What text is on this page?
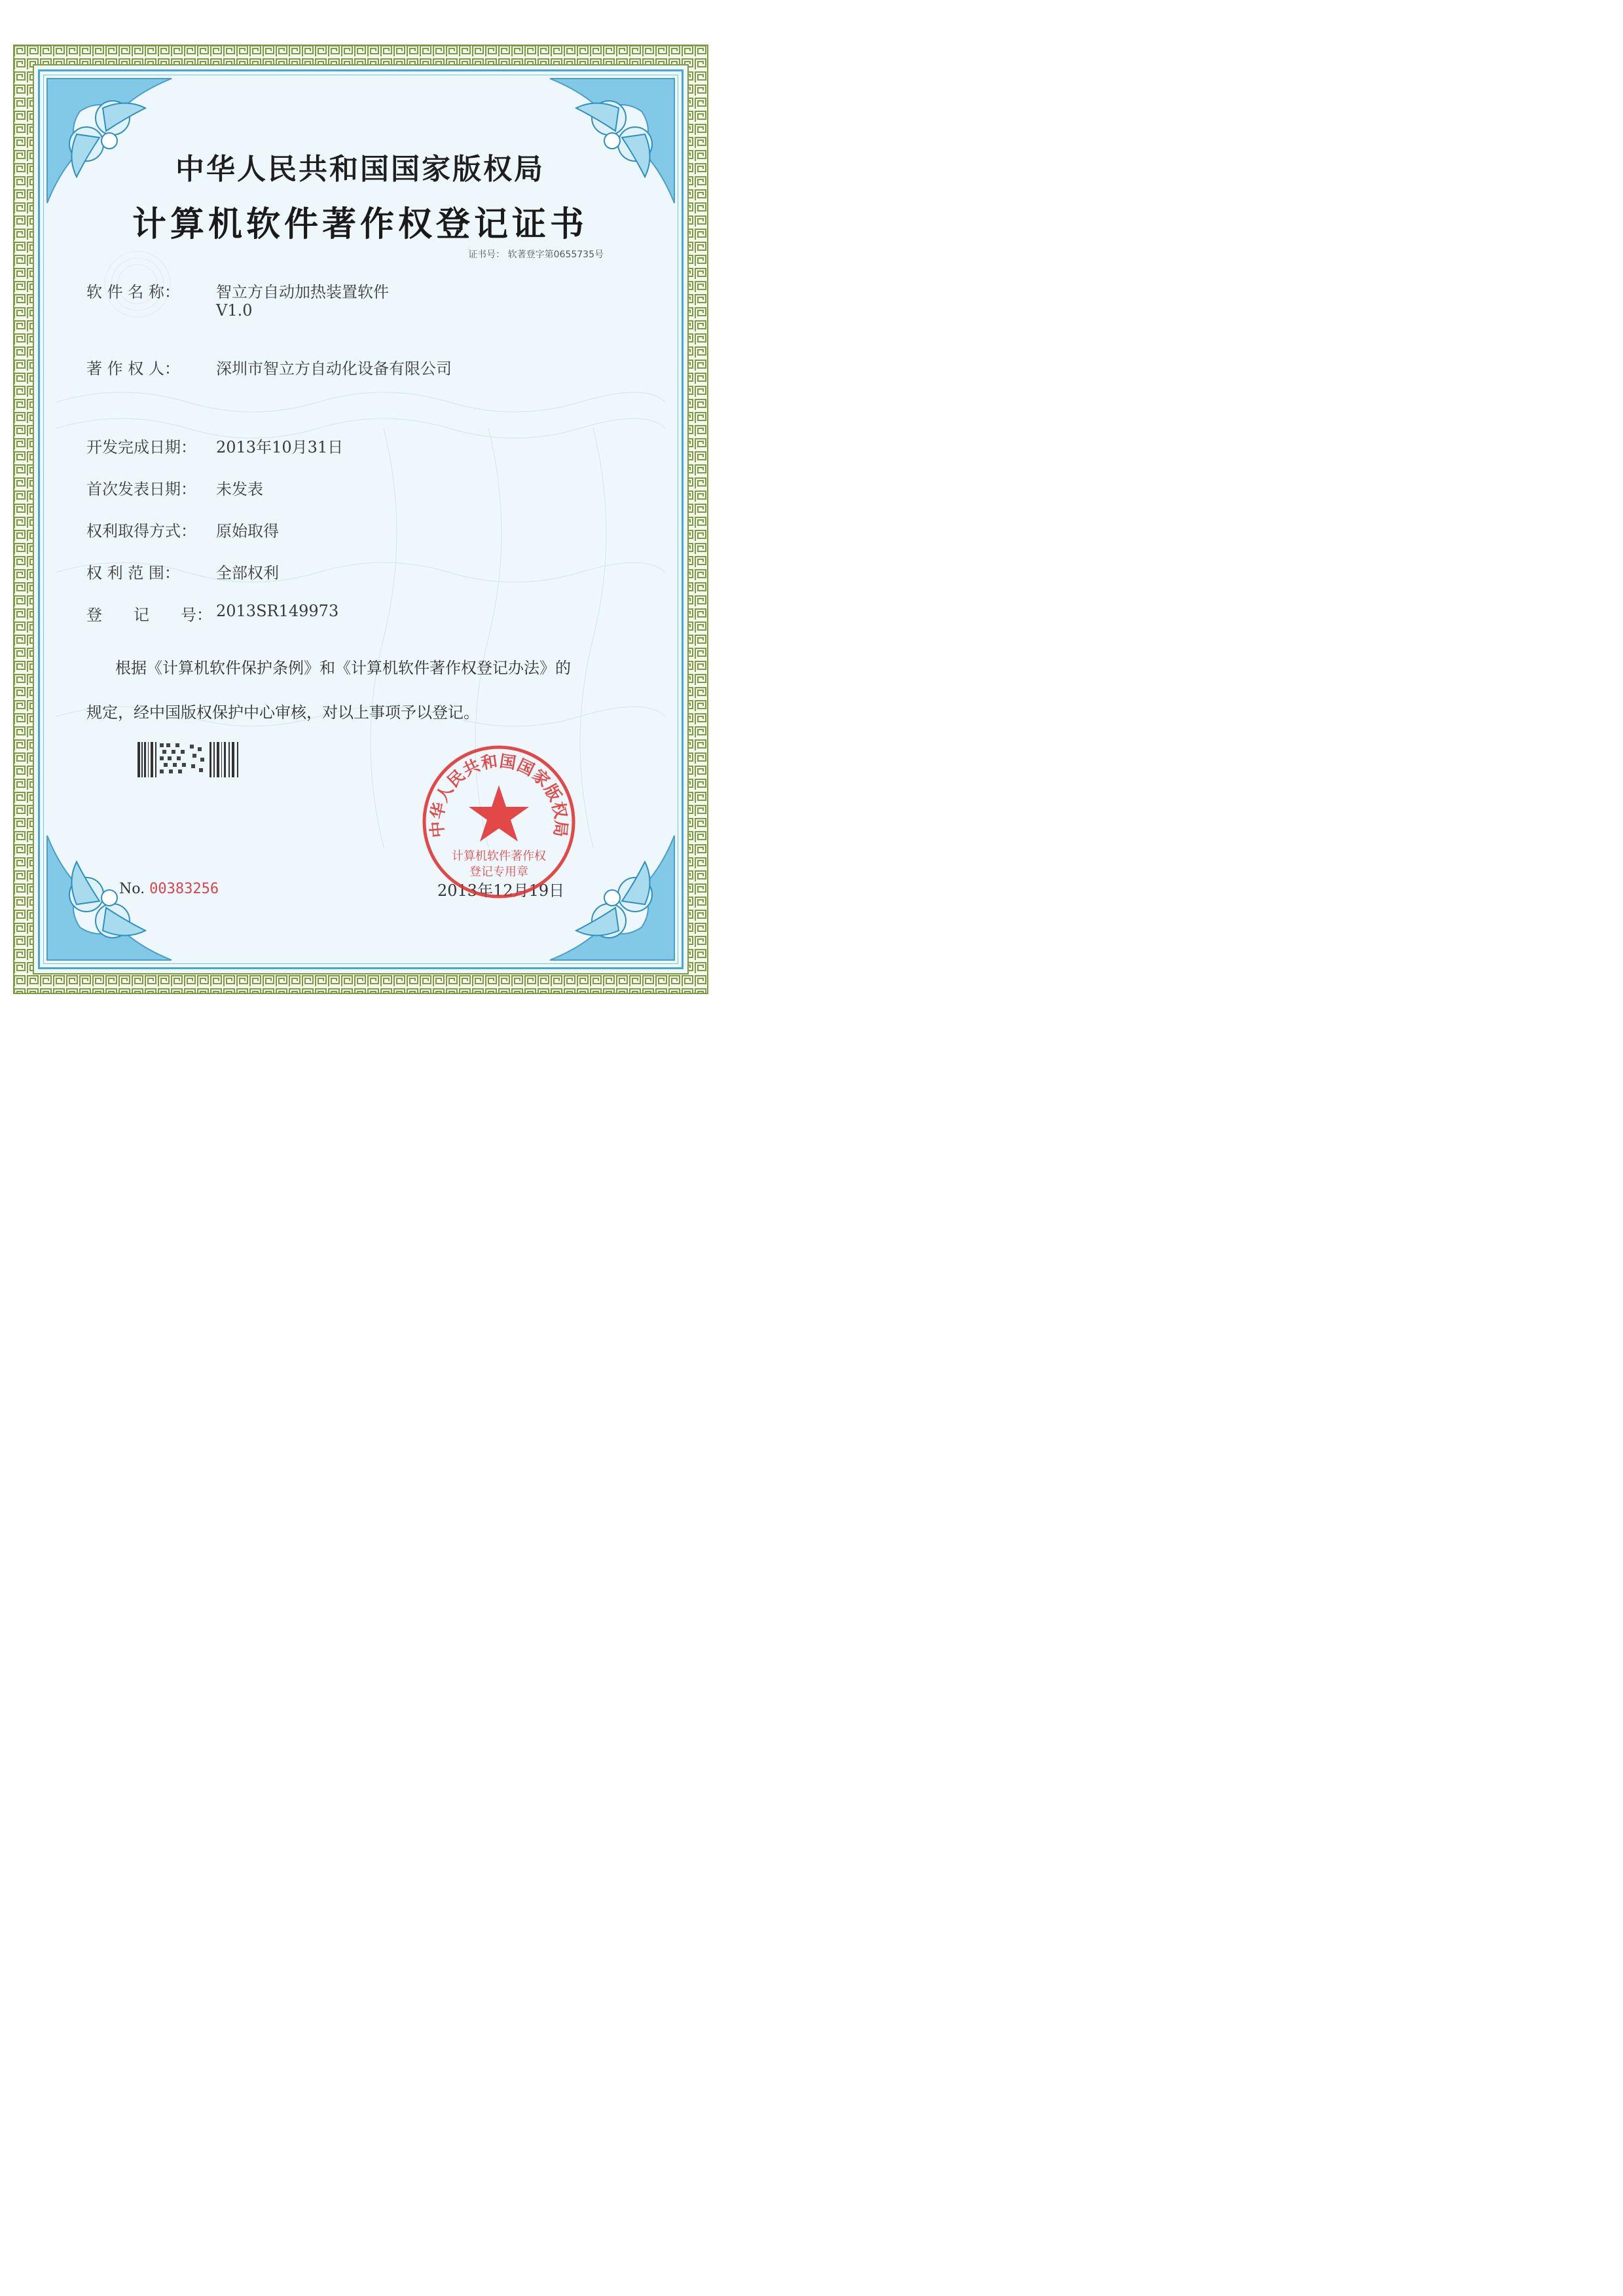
中华人民共和国国家版权局
计算机软件著作权登记证书
证书号： 软著登字第0655735号
软 件 名 称： 智立方自动加热装置软件
V1.0
著 作 权 人： 深圳市智立方自动化设备有限公司
开发完成日期： 2013年10月31日
首次发表日期： 未发表
权利取得方式： 原始取得
权 利 范 围： 全部权利
登　　记　　号： 2013SR149973
根据《计算机软件保护条例》和《计算机软件著作权登记办法》的
规定，经中国版权保护中心审核，对以上事项予以登记。
No. 00383256	2013年12月19日
中华人民共和国国家版权局
计算机软件著作权
登记专用章
